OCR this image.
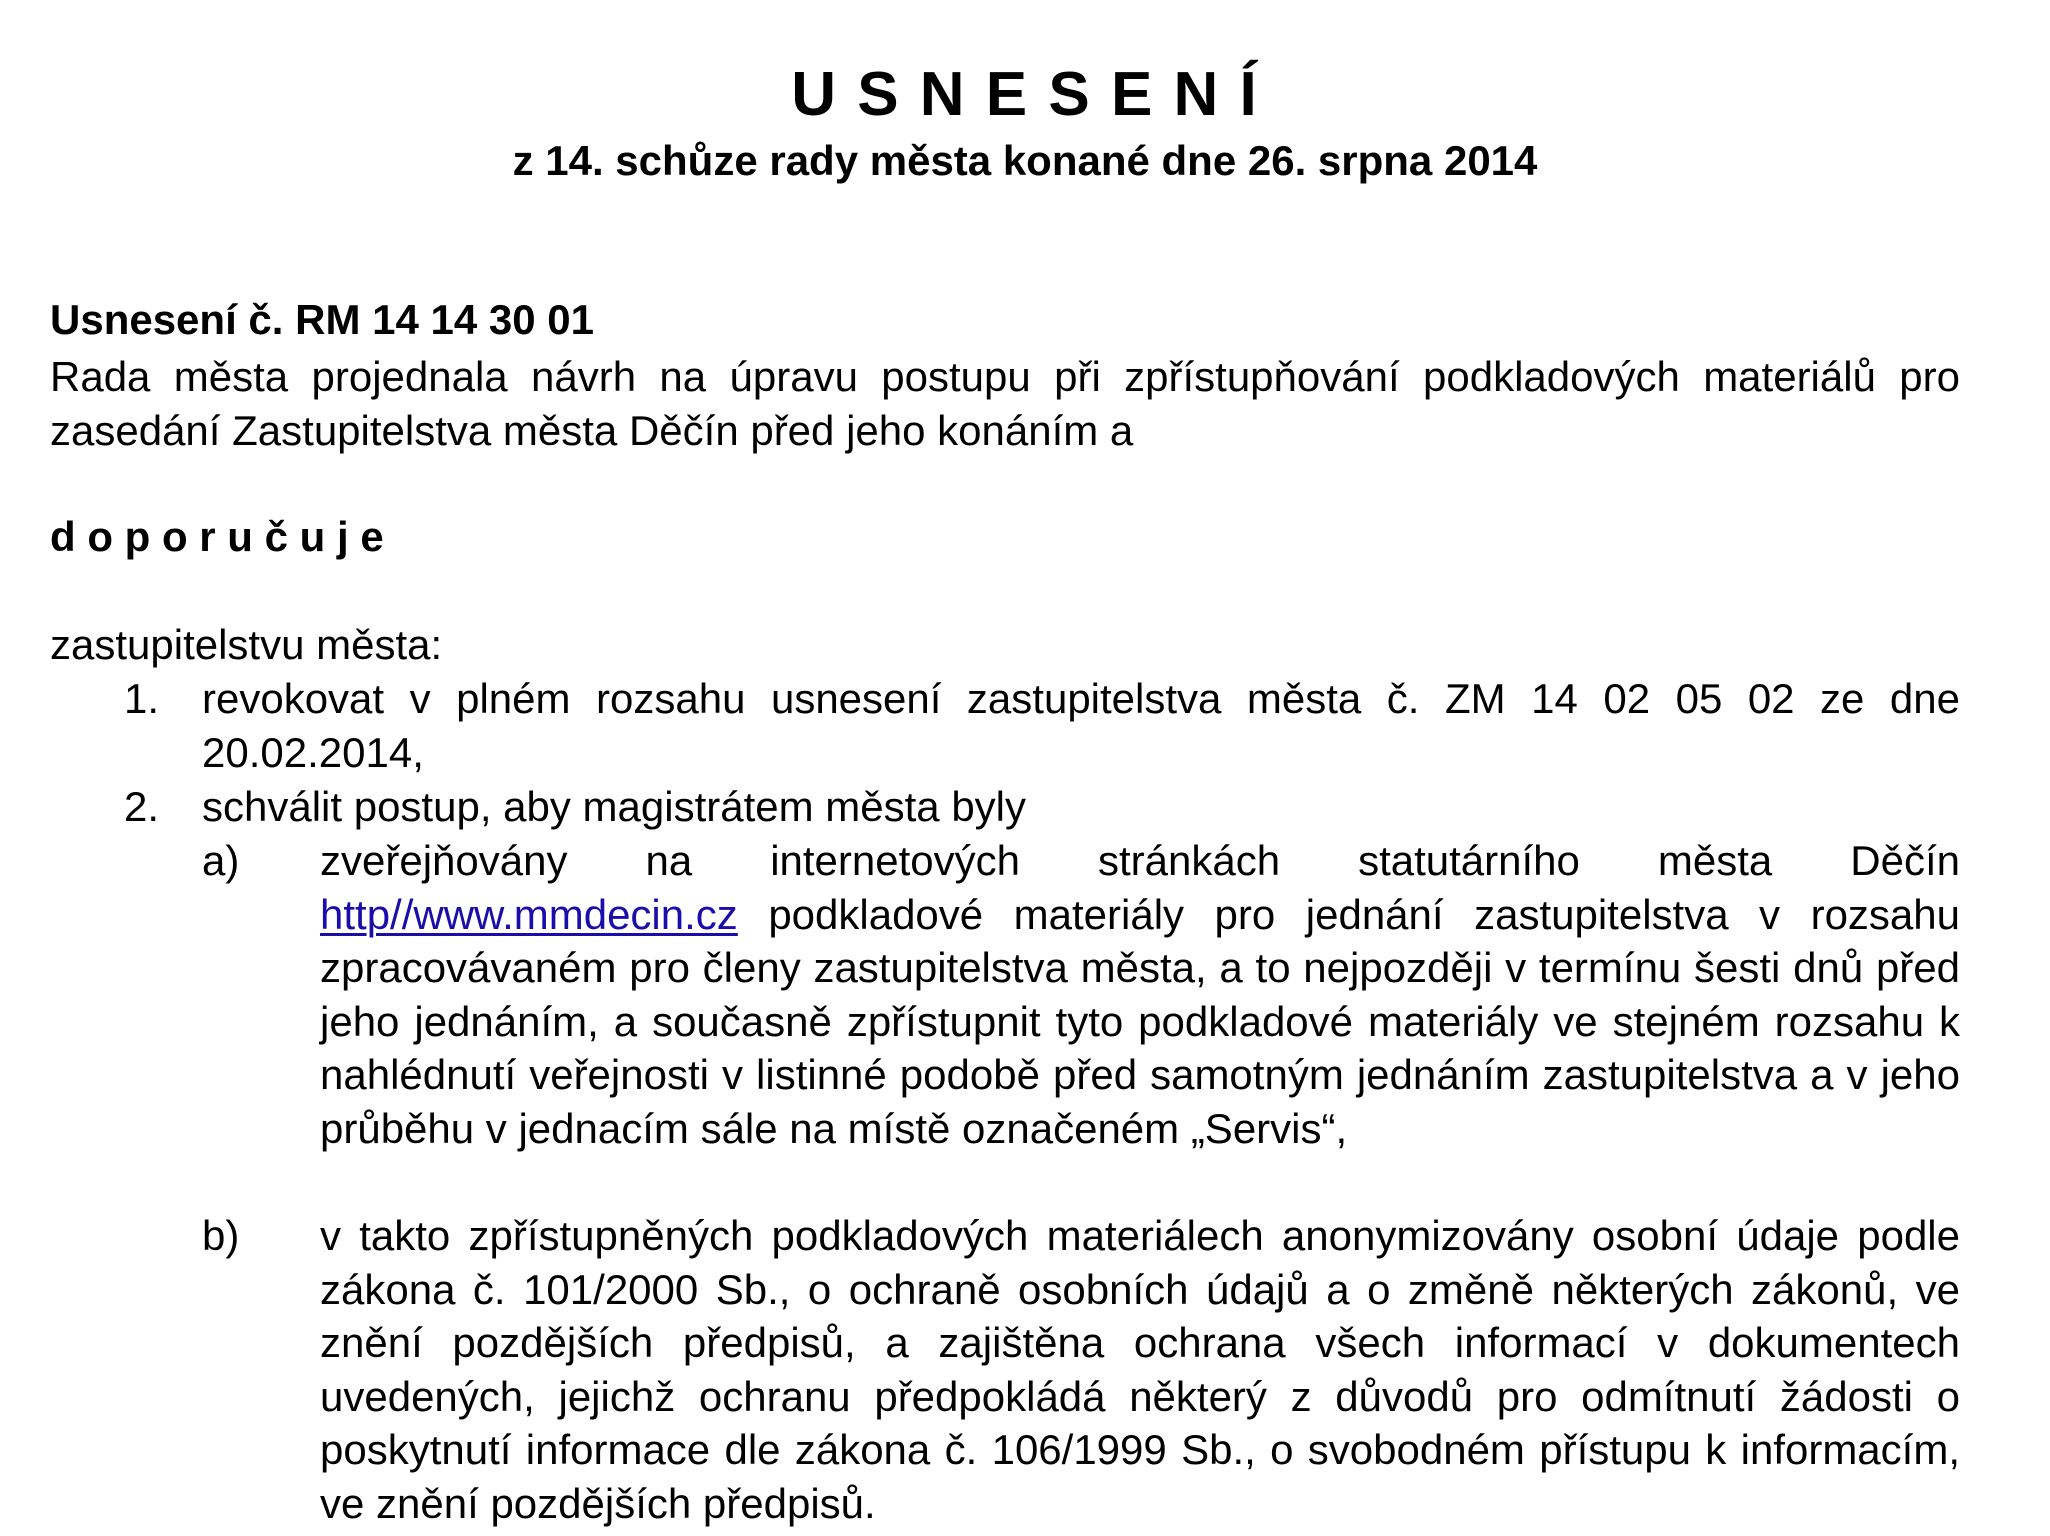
U S N E S E N Í
z 14. schůze rady města konané dne 26. srpna 2014
Usnesení č. RM 14 14 30 01
Rada města projednala návrh na úpravu postupu při zpřístupňování podkladových materiálů pro zasedání Zastupitelstva města Děčín před jeho konáním a
d o p o r u č u j e
zastupitelstvu města:
1. revokovat v plném rozsahu usnesení zastupitelstva města č. ZM 14 02 05 02 ze dne 20.02.2014,
2. schválit postup, aby magistrátem města byly
a) zveřejňovány na internetových stránkách statutárního města Děčín http//www.mmdecin.cz podkladové materiály pro jednání zastupitelstva v rozsahu zpracovávaném pro členy zastupitelstva města, a to nejpozději v termínu šesti dnů před jeho jednáním, a současně zpřístupnit tyto podkladové materiály ve stejném rozsahu k nahlédnutí veřejnosti v listinné podobě před samotným jednáním zastupitelstva a v jeho průběhu v jednacím sále na místě označeném „Servis“,
b) v takto zpřístupněných podkladových materiálech anonymizovány osobní údaje podle zákona č. 101/2000 Sb., o ochraně osobních údajů a o změně některých zákonů, ve znění pozdějších předpisů, a zajištěna ochrana všech informací v dokumentech uvedených, jejichž ochranu předpokládá některý z důvodů pro odmítnutí žádosti o poskytnutí informace dle zákona č. 106/1999 Sb., o svobodném přístupu k informacím, ve znění pozdějších předpisů.
